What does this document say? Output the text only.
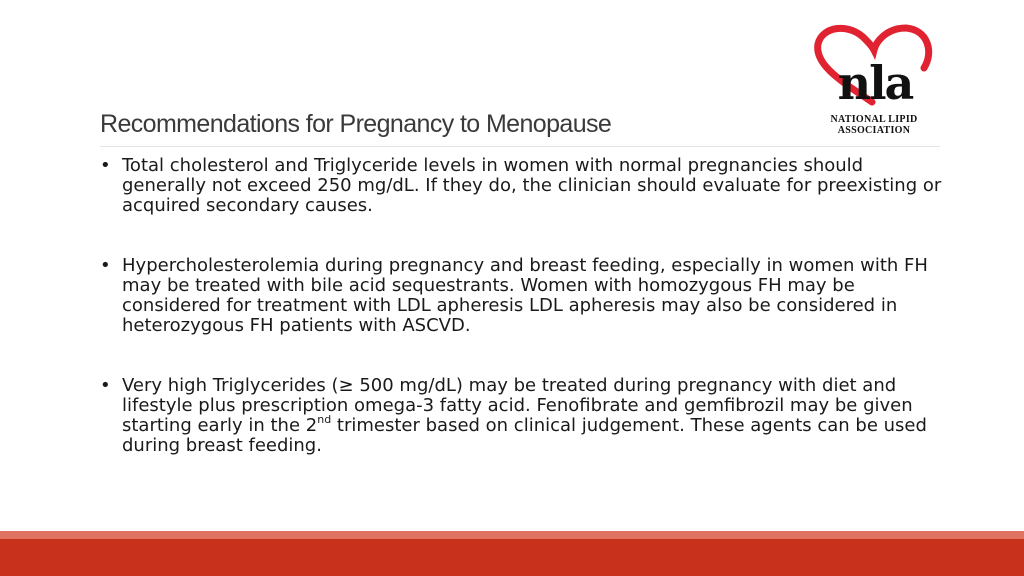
nla
NATIONAL LIPID
ASSOCIATION
Recommendations for Pregnancy to Menopause
• Total cholesterol and Triglyceride levels in women with normal pregnancies should generally not exceed 250 mg/dL. If they do, the clinician should evaluate for preexisting or acquired secondary causes.
• Hypercholesterolemia during pregnancy and breast feeding, especially in women with FH may be treated with bile acid sequestrants. Women with homozygous FH may be considered for treatment with LDL apheresis LDL apheresis may also be considered in heterozygous FH patients with ASCVD.
• Very high Triglycerides (≥ 500 mg/dL) may be treated during pregnancy with diet and lifestyle plus prescription omega-3 fatty acid. Fenofibrate and gemfibrozil may be given starting early in the 2nd trimester based on clinical judgement. These agents can be used during breast feeding.
